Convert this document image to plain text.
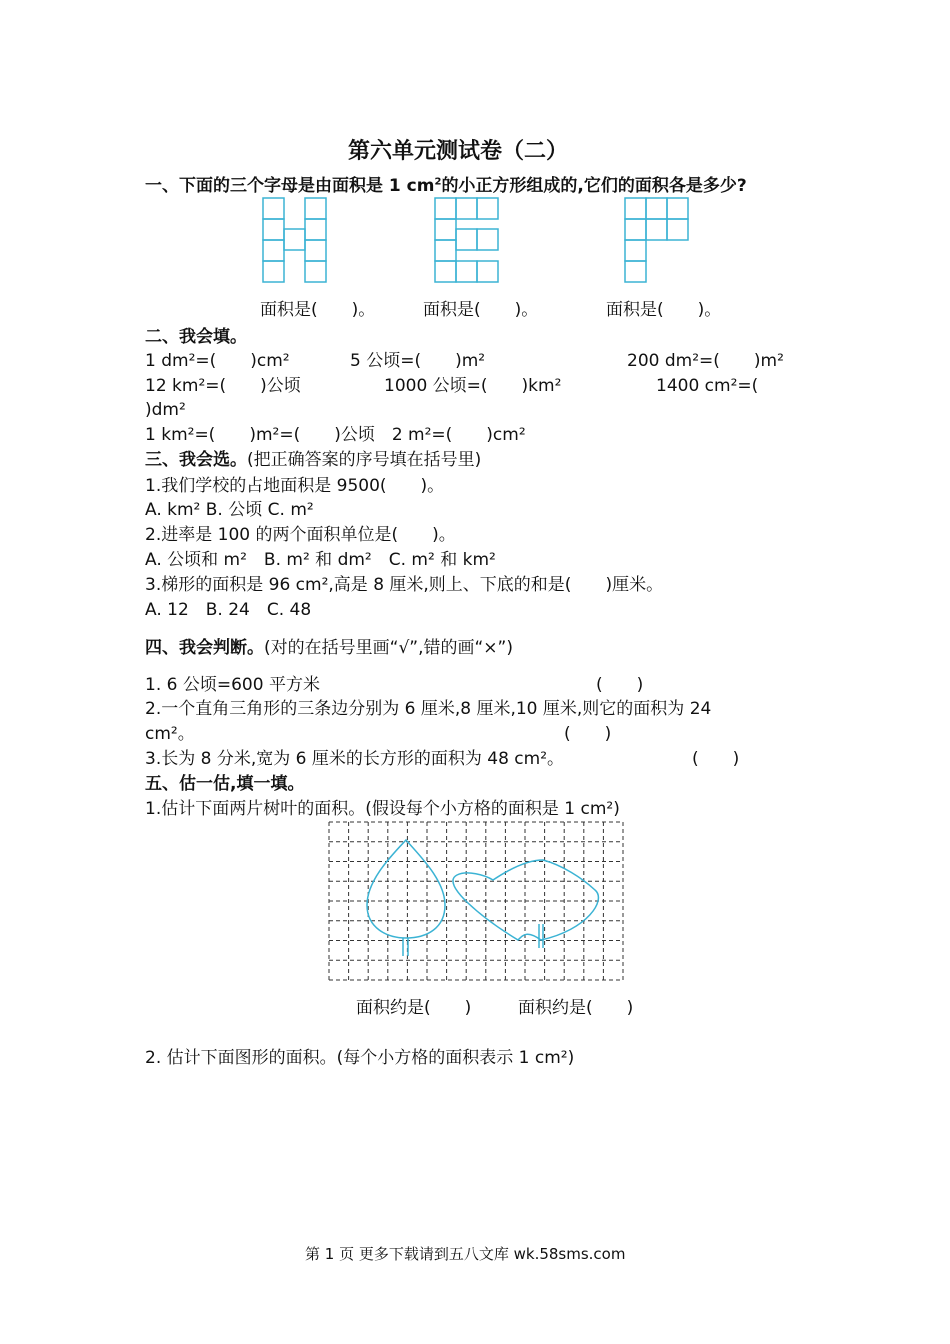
第六单元测试卷（二）
一、下面的三个字母是由面积是 1 $cm^2$的小正方形组成的,它们的面积各是多少?
面积是(　　)。	面积是(　　)。	面积是(　　)。
二、我会填。
1 dm²=(　　)cm²	5 公顷=(　　)m²	200 dm²=(　　)m²
12 km²=(　　)公顷	1000 公顷=(　　)km²	1400 cm²=(
)dm²
1 km²=(　　)m²=(　　)公顷　2 m²=(　　)cm²
三、我会选。(把正确答案的序号填在括号里)
1.我们学校的占地面积是 9500(　　)。
A. km² B. 公顷 C. m²
2.进率是 100 的两个面积单位是(　　)。
A. 公顷和 m²　B. m² 和 dm²　C. m² 和 km²
3.梯形的面积是 96 cm²,高是 8 厘米,则上、下底的和是(　　)厘米。
A. 12　B. 24　C. 48
四、我会判断。(对的在括号里画“√”,错的画“×”)
1. 6 公顷=600 平方米	(　　)
2.一个直角三角形的三条边分别为 6 厘米,8 厘米,10 厘米,则它的面积为 24
cm²。	(　　)
3.长为 8 分米,宽为 6 厘米的长方形的面积为 48 cm²。	(　　)
五、估一估,填一填。
1.估计下面两片树叶的面积。(假设每个小方格的面积是 1 cm²)
面积约是(　　)	面积约是(　　)
2. 估计下面图形的面积。(每个小方格的面积表示 1 cm²)
第 1 页 更多下载请到五八文库 wk.58sms.com
